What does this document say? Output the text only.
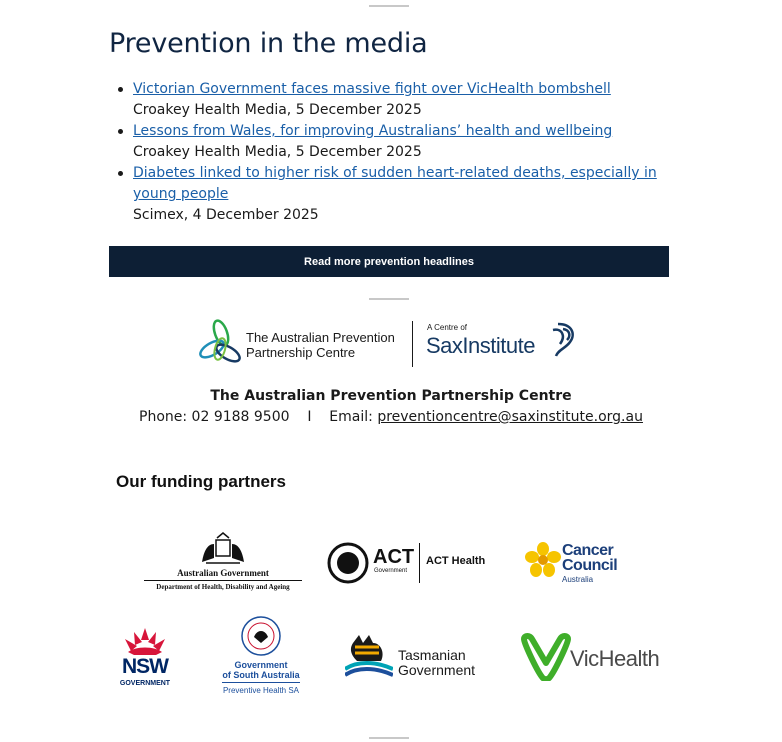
Prevention in the media
Victorian Government faces massive fight over VicHealth bombshell
Croakey Health Media, 5 December 2025
Lessons from Wales, for improving Australians’ health and wellbeing
Croakey Health Media, 5 December 2025
Diabetes linked to higher risk of sudden heart-related deaths, especially in young people
Scimex, 4 December 2025
Read more prevention headlines
The Australian Prevention
Partnership Centre
A Centre of
SaxInstitute
The Australian Prevention Partnership Centre
Phone: 02 9188 9500 I Email: preventioncentre@saxinstitute.org.au
Our funding partners
Australian Government
Department of Health, Disability and Ageing
ACT
Government
ACT Health
Cancer
Council
Australia
NSW
GOVERNMENT
Government
of South Australia
Preventive Health SA
Tasmanian
Government	VicHealth
